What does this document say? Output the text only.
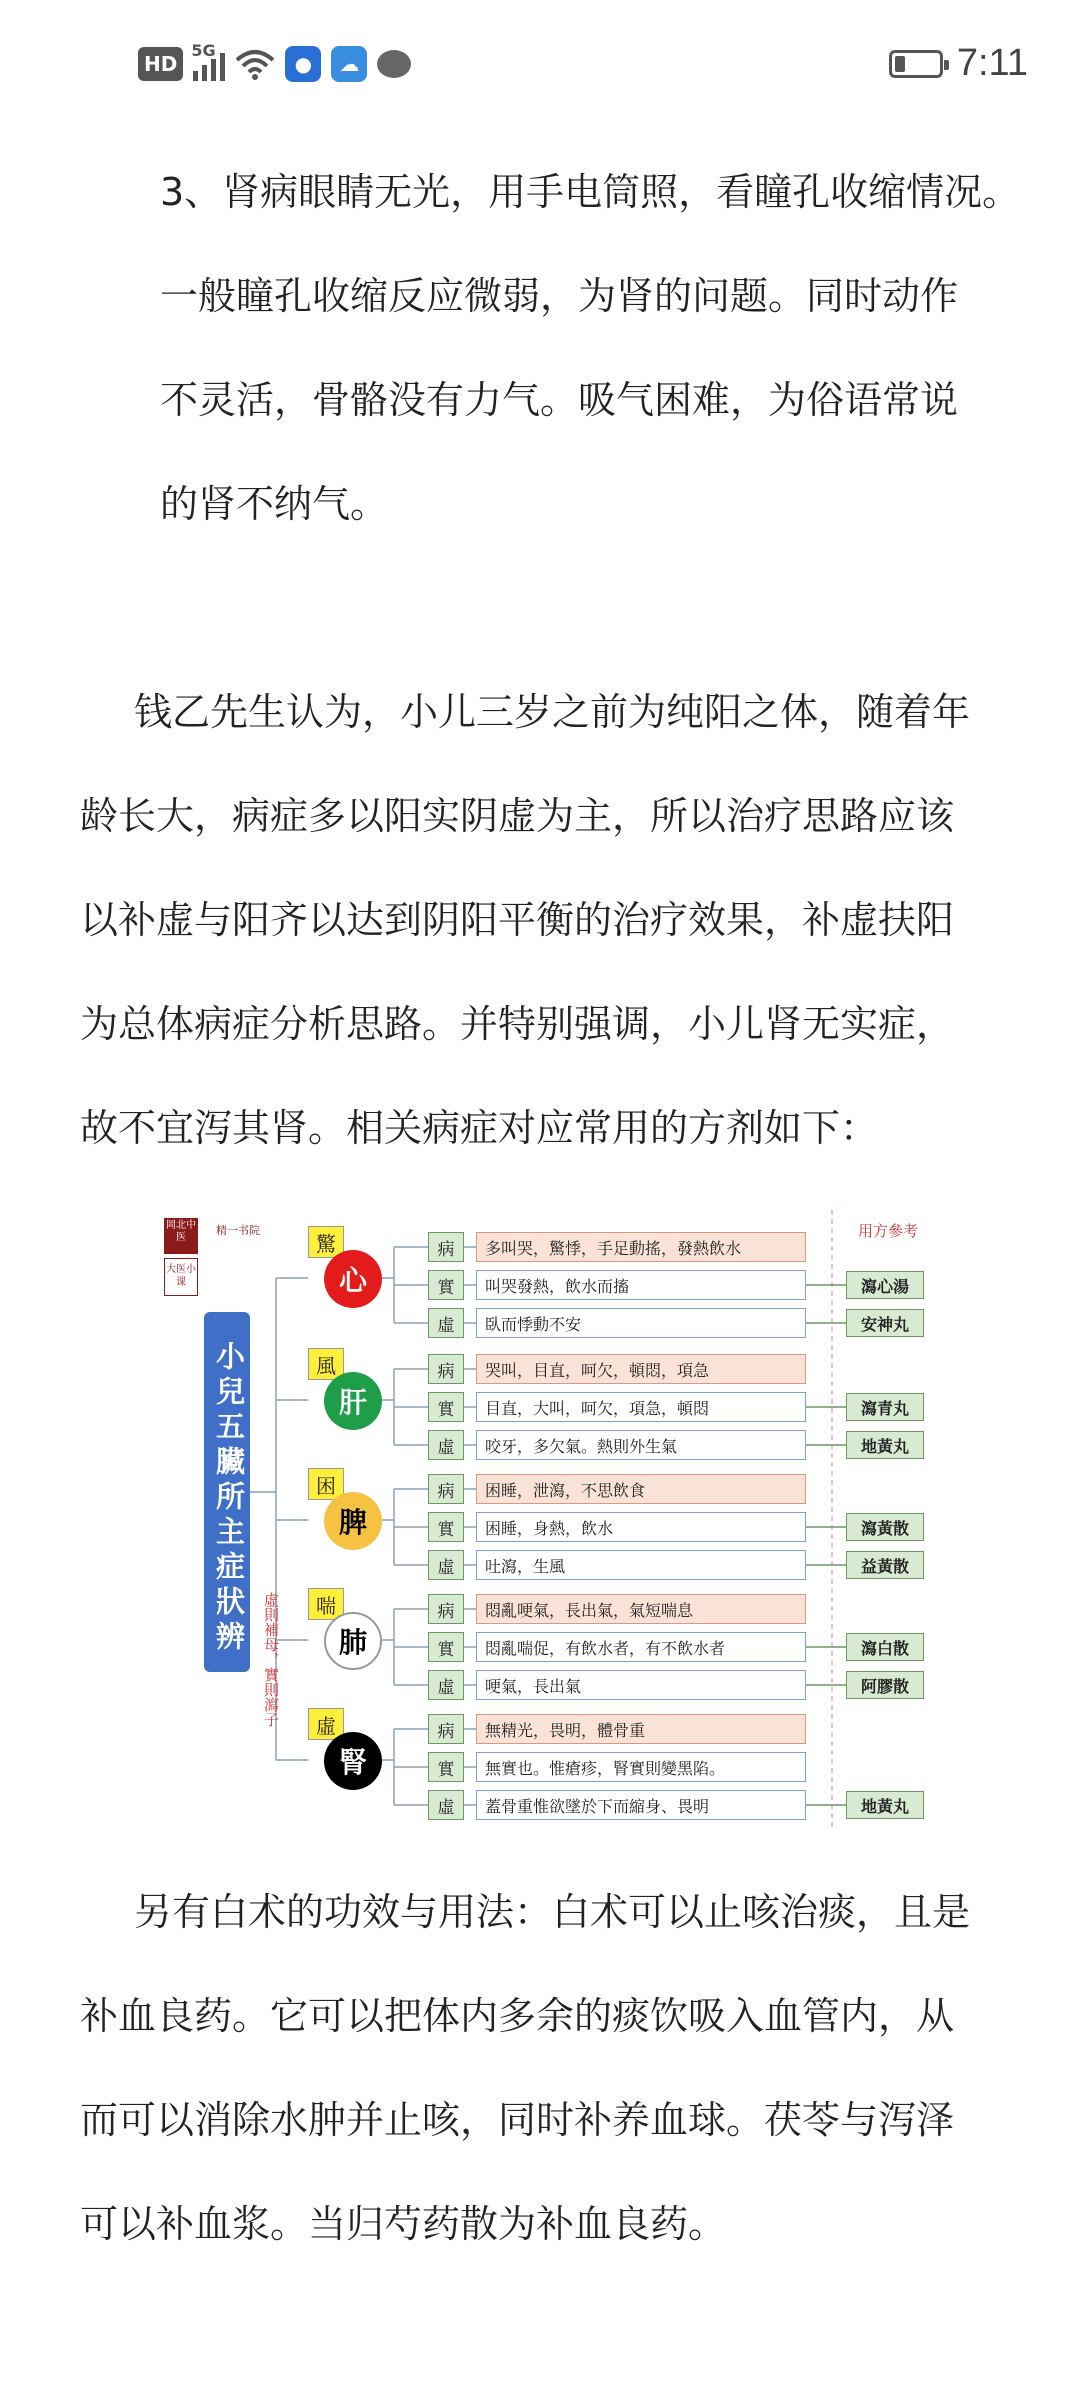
HD
5G
●	☁	7:11
3、肾病眼睛无光，用手电筒照，看瞳孔收缩情况。
一般瞳孔收缩反应微弱，为肾的问题。同时动作
不灵活，骨骼没有力气。吸气困难，为俗语常说
的肾不纳气。
钱乙先生认为，小儿三岁之前为纯阳之体，随着年
龄长大，病症多以阳实阴虚为主，所以治疗思路应该
以补虚与阳齐以达到阴阳平衡的治疗效果，补虚扶阳
为总体病症分析思路。并特别强调，小儿肾无实症，
故不宜泻其肾。相关病症对应常用的方剂如下：
岡北中医
大医小课
精一书院
小兒五臟所主症狀辨別
虛則補母，實則瀉子
用方參考
驚
心
病	多叫哭，驚悸，手足動搖，發熱飲水
實	叫哭發熱，飲水而搐	瀉心湯
虛	臥而悸動不安	安神丸
風
肝
病	哭叫，目直，呵欠，頓悶，項急
實	目直，大叫，呵欠，項急，頓悶	瀉青丸
虛	咬牙，多欠氣。熱則外生氣	地黃丸
困
脾
病	困睡，泄瀉，不思飲食
實	困睡，身熱，飲水	瀉黃散
虛	吐瀉，生風	益黃散
喘
肺
病	悶亂哽氣，長出氣，氣短喘息
實	悶亂喘促，有飲水者，有不飲水者	瀉白散
虛	哽氣，長出氣	阿膠散
虛
腎
病	無精光，畏明，體骨重
實	無實也。惟瘡疹，腎實則變黑陷。
虛	蓋骨重惟欲墜於下而縮身、畏明	地黃丸
另有白术的功效与用法：白术可以止咳治痰，且是
补血良药。它可以把体内多余的痰饮吸入血管内，从
而可以消除水肿并止咳，同时补养血球。茯苓与泻泽
可以补血浆。当归芍药散为补血良药。
